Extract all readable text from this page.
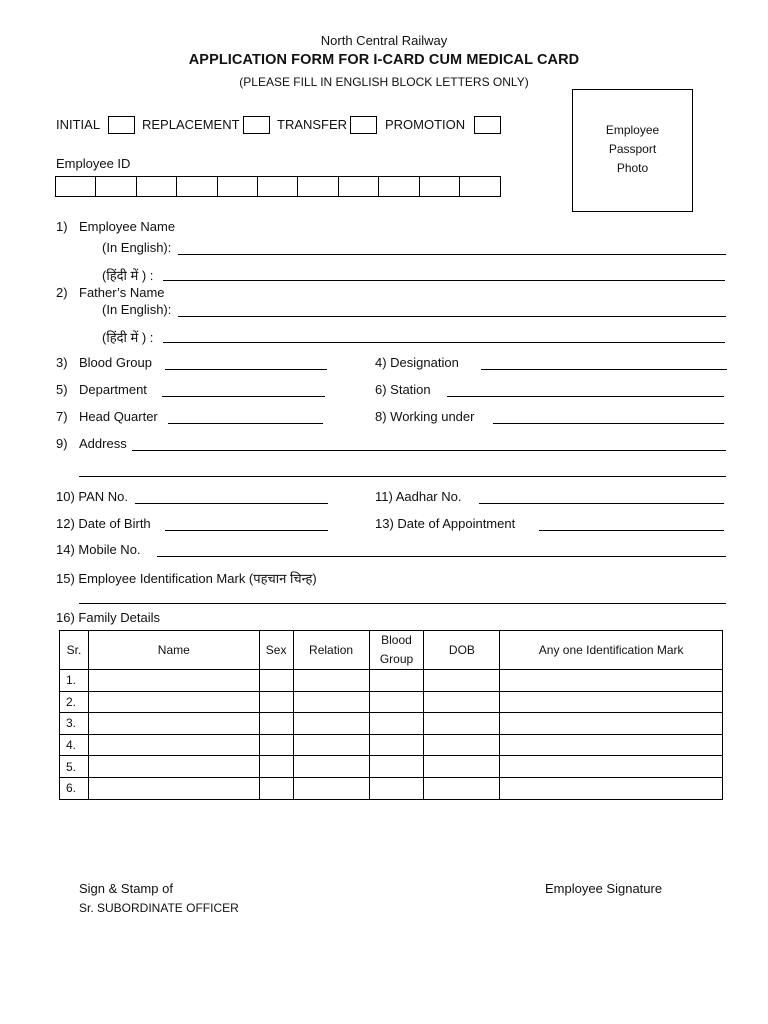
North Central Railway
APPLICATION FORM FOR I-CARD CUM MEDICAL CARD
(PLEASE FILL IN ENGLISH BLOCK LETTERS ONLY)
INITIAL	REPLACEMENT	TRANSFER	PROMOTION	Employee
Passport
Photo
Employee ID
1) Employee Name
(In English):
(हिंदी में ) :
2) Father’s Name
(In English):
(हिंदी में ) :
3) Blood Group	4) Designation
5) Department	6) Station
7) Head Quarter	8) Working under
9) Address
10) PAN No.	11) Aadhar No.
12) Date of Birth	13) Date of Appointment
14) Mobile No.
15) Employee Identification Mark (पहचान चिन्ह)
16) Family Details
Sr.	Name	Sex	Relation	Blood Group	DOB	Any one Identification Mark
1.						
2.						
3.						
4.						
5.						
6.						
Sign & Stamp of
Sr. SUBORDINATE OFFICER
Employee Signature
